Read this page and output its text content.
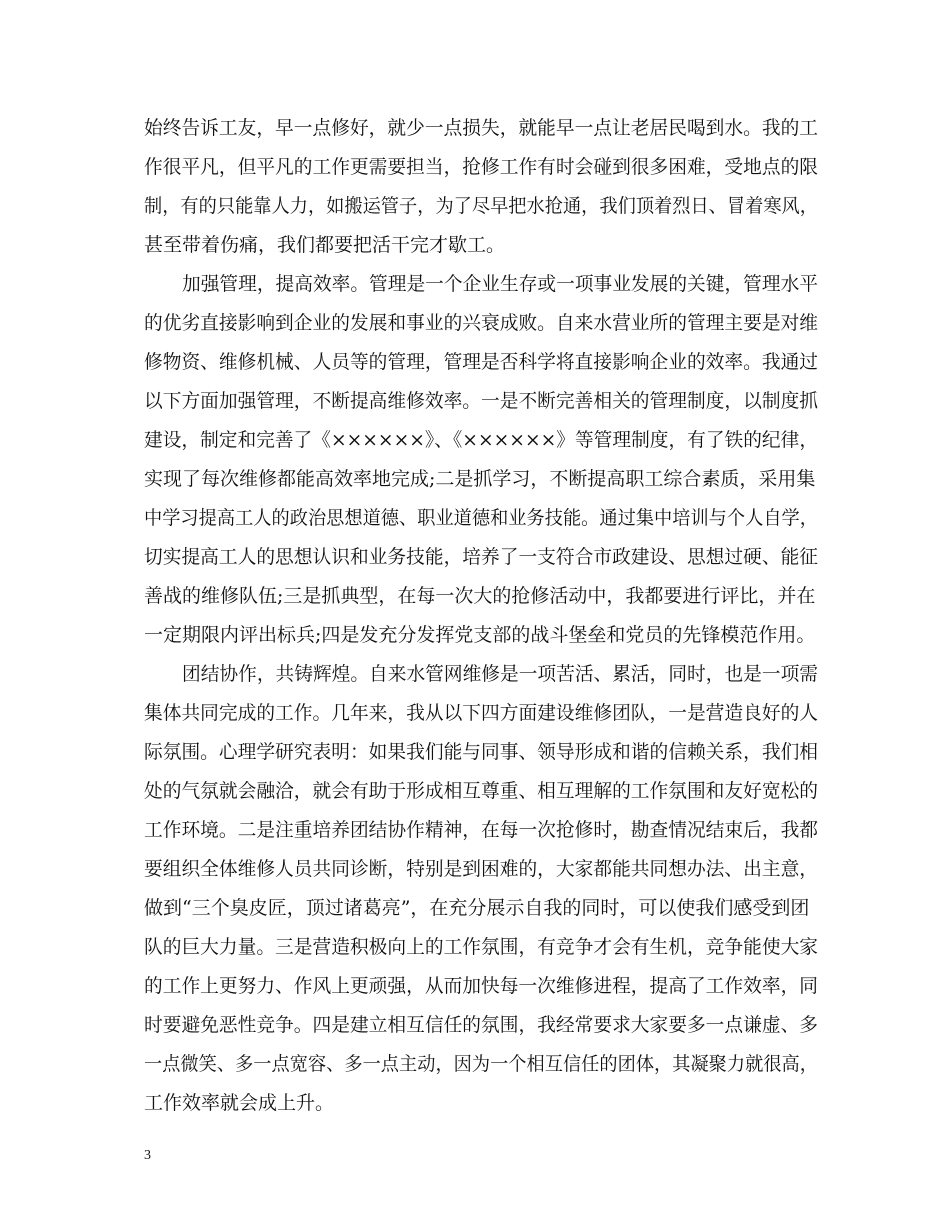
始终告诉工友，早一点修好，就少一点损失，就能早一点让老居民喝到水。我的工
作很平凡，但平凡的工作更需要担当，抢修工作有时会碰到很多困难，受地点的限
制，有的只能靠人力，如搬运管子，为了尽早把水抢通，我们顶着烈日、冒着寒风，
甚至带着伤痛，我们都要把活干完才歇工。
加强管理，提高效率。管理是一个企业生存或一项事业发展的关键，管理水平
的优劣直接影响到企业的发展和事业的兴衰成败。自来水营业所的管理主要是对维
修物资、维修机械、人员等的管理，管理是否科学将直接影响企业的效率。我通过
以下方面加强管理，不断提高维修效率。一是不断完善相关的管理制度，以制度抓
建设，制定和完善了《××××××》、《××××××》等管理制度，有了铁的纪律，
实现了每次维修都能高效率地完成;二是抓学习，不断提高职工综合素质，采用集
中学习提高工人的政治思想道德、职业道德和业务技能。通过集中培训与个人自学，
切实提高工人的思想认识和业务技能，培养了一支符合市政建设、思想过硬、能征
善战的维修队伍;三是抓典型，在每一次大的抢修活动中，我都要进行评比，并在
一定期限内评出标兵;四是发充分发挥党支部的战斗堡垒和党员的先锋模范作用。
团结协作，共铸辉煌。自来水管网维修是一项苦活、累活，同时，也是一项需
集体共同完成的工作。几年来，我从以下四方面建设维修团队，一是营造良好的人
际氛围。心理学研究表明：如果我们能与同事、领导形成和谐的信赖关系，我们相
处的气氛就会融洽，就会有助于形成相互尊重、相互理解的工作氛围和友好宽松的
工作环境。二是注重培养团结协作精神，在每一次抢修时，勘查情况结束后，我都
要组织全体维修人员共同诊断，特别是到困难的，大家都能共同想办法、出主意，
做到“三个臭皮匠，顶过诸葛亮”，在充分展示自我的同时，可以使我们感受到团
队的巨大力量。三是营造积极向上的工作氛围，有竞争才会有生机，竞争能使大家
的工作上更努力、作风上更顽强，从而加快每一次维修进程，提高了工作效率，同
时要避免恶性竞争。四是建立相互信任的氛围，我经常要求大家要多一点谦虚、多
一点微笑、多一点宽容、多一点主动，因为一个相互信任的团体，其凝聚力就很高，
工作效率就会成上升。
3
